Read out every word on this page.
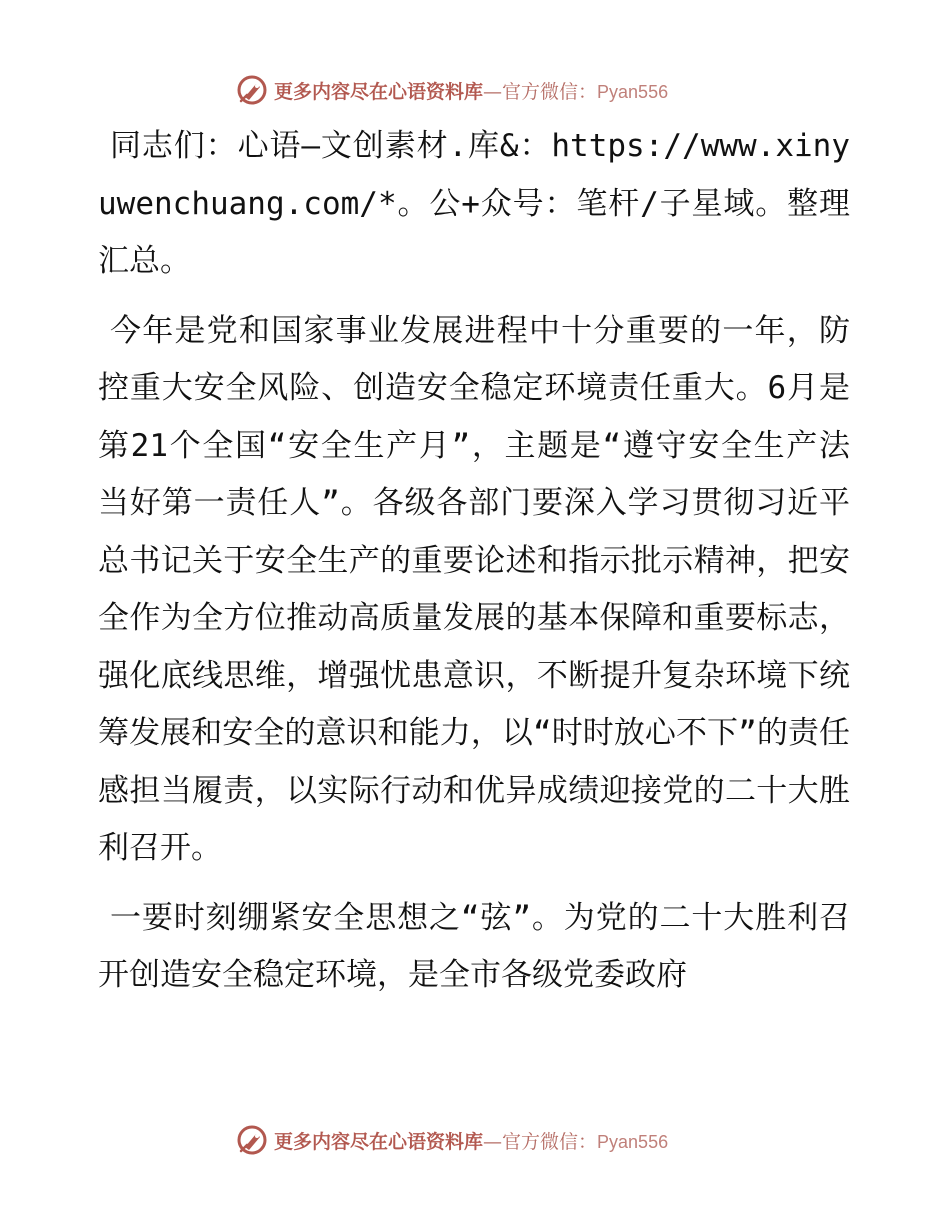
更多内容尽在心语资料库—官方微信：Pyan556

同志们：心语—文创素材.库&：https://www.xinyuwenchuang.com/*。公+众号：笔杆/子星域。整理汇总。

今年是党和国家事业发展进程中十分重要的一年，防控重大安全风险、创造安全稳定环境责任重大。6月是第21个全国“安全生产月”，主题是“遵守安全生产法 当好第一责任人”。各级各部门要深入学习贯彻习近平总书记关于安全生产的重要论述和指示批示精神，把安全作为全方位推动高质量发展的基本保障和重要标志，强化底线思维，增强忧患意识，不断提升复杂环境下统筹发展和安全的意识和能力，以“时时放心不下”的责任感担当履责，以实际行动和优异成绩迎接党的二十大胜利召开。

一要时刻绷紧安全思想之“弦”。为党的二十大胜利召开创造安全稳定环境，是全市各级党委政府

更多内容尽在心语资料库—官方微信：Pyan556
